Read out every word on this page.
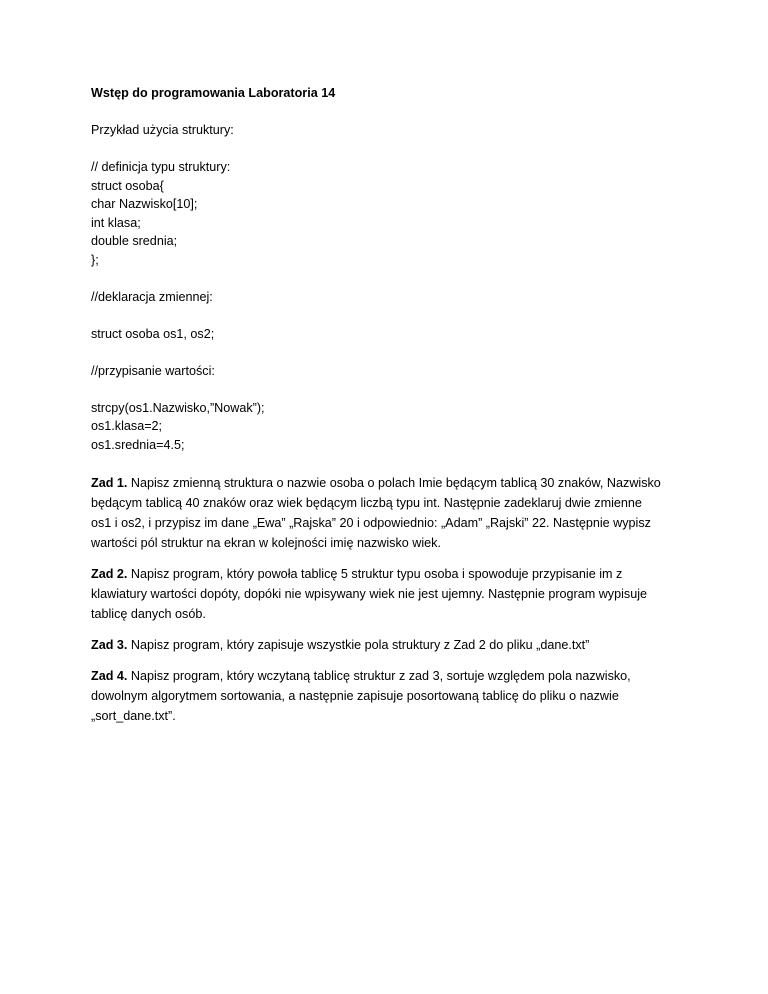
Wstęp do programowania Laboratoria 14
Przykład użycia struktury:
// definicja typu struktury:
struct osoba{
char Nazwisko[10];
int klasa;
double srednia;
};
//deklaracja zmiennej:
struct osoba os1, os2;
//przypisanie wartości:
strcpy(os1.Nazwisko,”Nowak”);
os1.klasa=2;
os1.srednia=4.5;
Zad 1. Napisz zmienną struktura o nazwie osoba o polach Imie będącym tablicą 30 znaków, Nazwisko
będącym tablicą 40 znaków oraz wiek będącym liczbą typu int. Następnie zadeklaruj dwie zmienne
os1 i os2, i przypisz im dane „Ewa” „Rajska” 20 i odpowiednio: „Adam” „Rajski” 22. Następnie wypisz
wartości pól struktur na ekran w kolejności imię nazwisko wiek.
Zad 2. Napisz program, który powoła tablicę 5 struktur typu osoba i spowoduje przypisanie im z
klawiatury wartości dopóty, dopóki nie wpisywany wiek nie jest ujemny. Następnie program wypisuje
tablicę danych osób.
Zad 3. Napisz program, który zapisuje wszystkie pola struktury z Zad 2 do pliku „dane.txt”
Zad 4. Napisz program, który wczytaną tablicę struktur z zad 3, sortuje względem pola nazwisko,
dowolnym algorytmem sortowania, a następnie zapisuje posortowaną tablicę do pliku o nazwie
„sort_dane.txt”.
